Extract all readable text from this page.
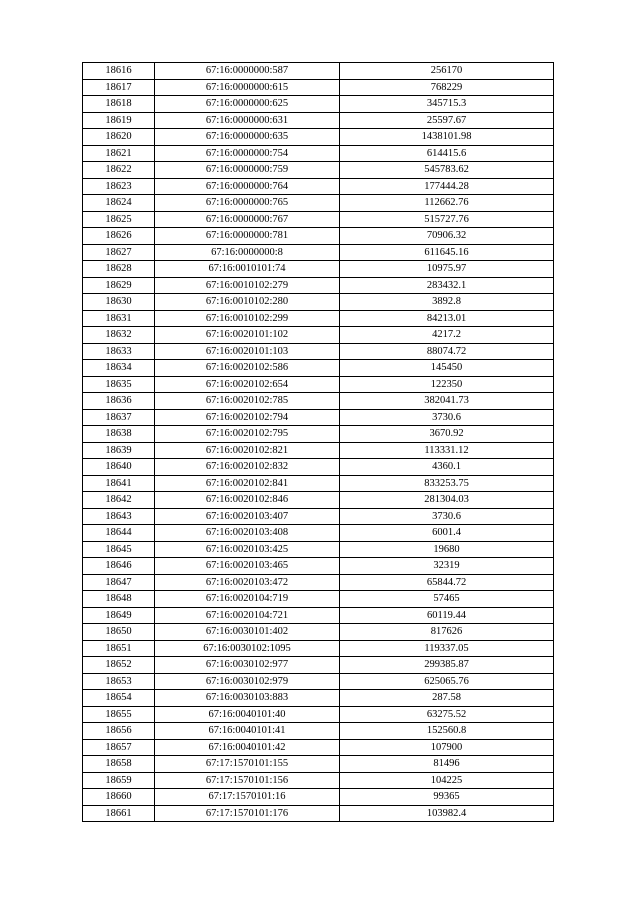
18616	67:16:0000000:587	256170
18617	67:16:0000000:615	768229
18618	67:16:0000000:625	345715.3
18619	67:16:0000000:631	25597.67
18620	67:16:0000000:635	1438101.98
18621	67:16:0000000:754	614415.6
18622	67:16:0000000:759	545783.62
18623	67:16:0000000:764	177444.28
18624	67:16:0000000:765	112662.76
18625	67:16:0000000:767	515727.76
18626	67:16:0000000:781	70906.32
18627	67:16:0000000:8	611645.16
18628	67:16:0010101:74	10975.97
18629	67:16:0010102:279	283432.1
18630	67:16:0010102:280	3892.8
18631	67:16:0010102:299	84213.01
18632	67:16:0020101:102	4217.2
18633	67:16:0020101:103	88074.72
18634	67:16:0020102:586	145450
18635	67:16:0020102:654	122350
18636	67:16:0020102:785	382041.73
18637	67:16:0020102:794	3730.6
18638	67:16:0020102:795	3670.92
18639	67:16:0020102:821	113331.12
18640	67:16:0020102:832	4360.1
18641	67:16:0020102:841	833253.75
18642	67:16:0020102:846	281304.03
18643	67:16:0020103:407	3730.6
18644	67:16:0020103:408	6001.4
18645	67:16:0020103:425	19680
18646	67:16:0020103:465	32319
18647	67:16:0020103:472	65844.72
18648	67:16:0020104:719	57465
18649	67:16:0020104:721	60119.44
18650	67:16:0030101:402	817626
18651	67:16:0030102:1095	119337.05
18652	67:16:0030102:977	299385.87
18653	67:16:0030102:979	625065.76
18654	67:16:0030103:883	287.58
18655	67:16:0040101:40	63275.52
18656	67:16:0040101:41	152560.8
18657	67:16:0040101:42	107900
18658	67:17:1570101:155	81496
18659	67:17:1570101:156	104225
18660	67:17:1570101:16	99365
18661	67:17:1570101:176	103982.4
